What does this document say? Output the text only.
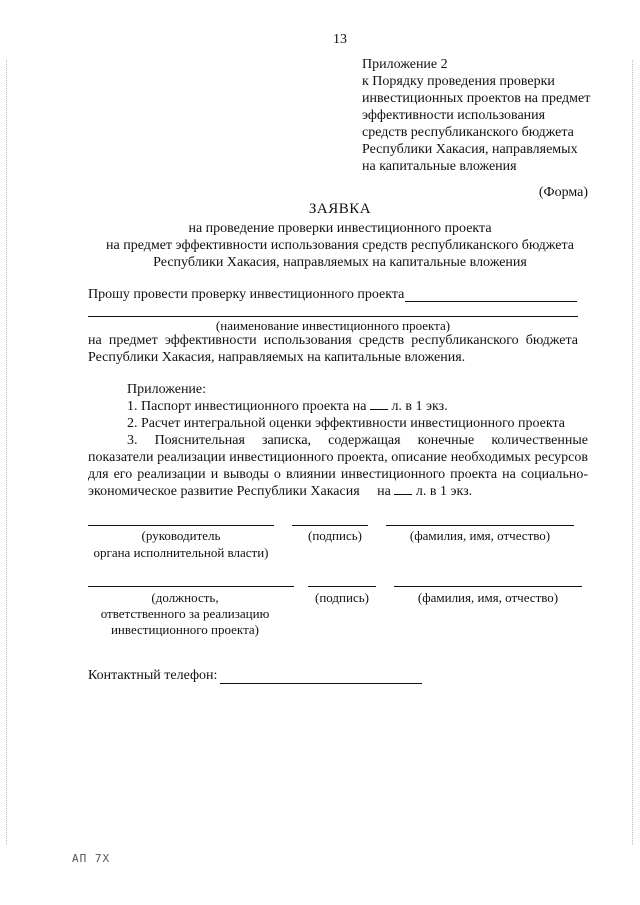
13
Приложение 2
к Порядку проведения проверки
инвестиционных проектов на предмет
эффективности использования
средств республиканского бюджета
Республики Хакасия, направляемых
на капитальные вложения
(Форма)
ЗАЯВКА
на проведение проверки инвестиционного проекта
на предмет эффективности использования средств республиканского бюджета
Республики Хакасия, направляемых на капитальные вложения
Прошу провести проверку инвестиционного проекта
(наименование инвестиционного проекта)
на предмет эффективности использования средств республиканского бюджета
Республики Хакасия, направляемых на капитальные вложения.
Приложение:
1. Паспорт инвестиционного проекта на л. в 1 экз.
2. Расчет интегральной оценки эффективности инвестиционного проекта
3. Пояснительная записка, содержащая конечные количественные
показатели реализации инвестиционного проекта, описание необходимых ресурсов
для его реализации и выводы о влиянии инвестиционного проекта на социально-
экономическое развитие Республики Хакасия     на л. в 1 экз.
(руководитель
органа исполнительной власти)
(подпись)	(фамилия, имя, отчество)
(должность,
ответственного за реализацию
инвестиционного проекта)
(подпись)	(фамилия, имя, отчество)
Контактный телефон:
АП 7Х
